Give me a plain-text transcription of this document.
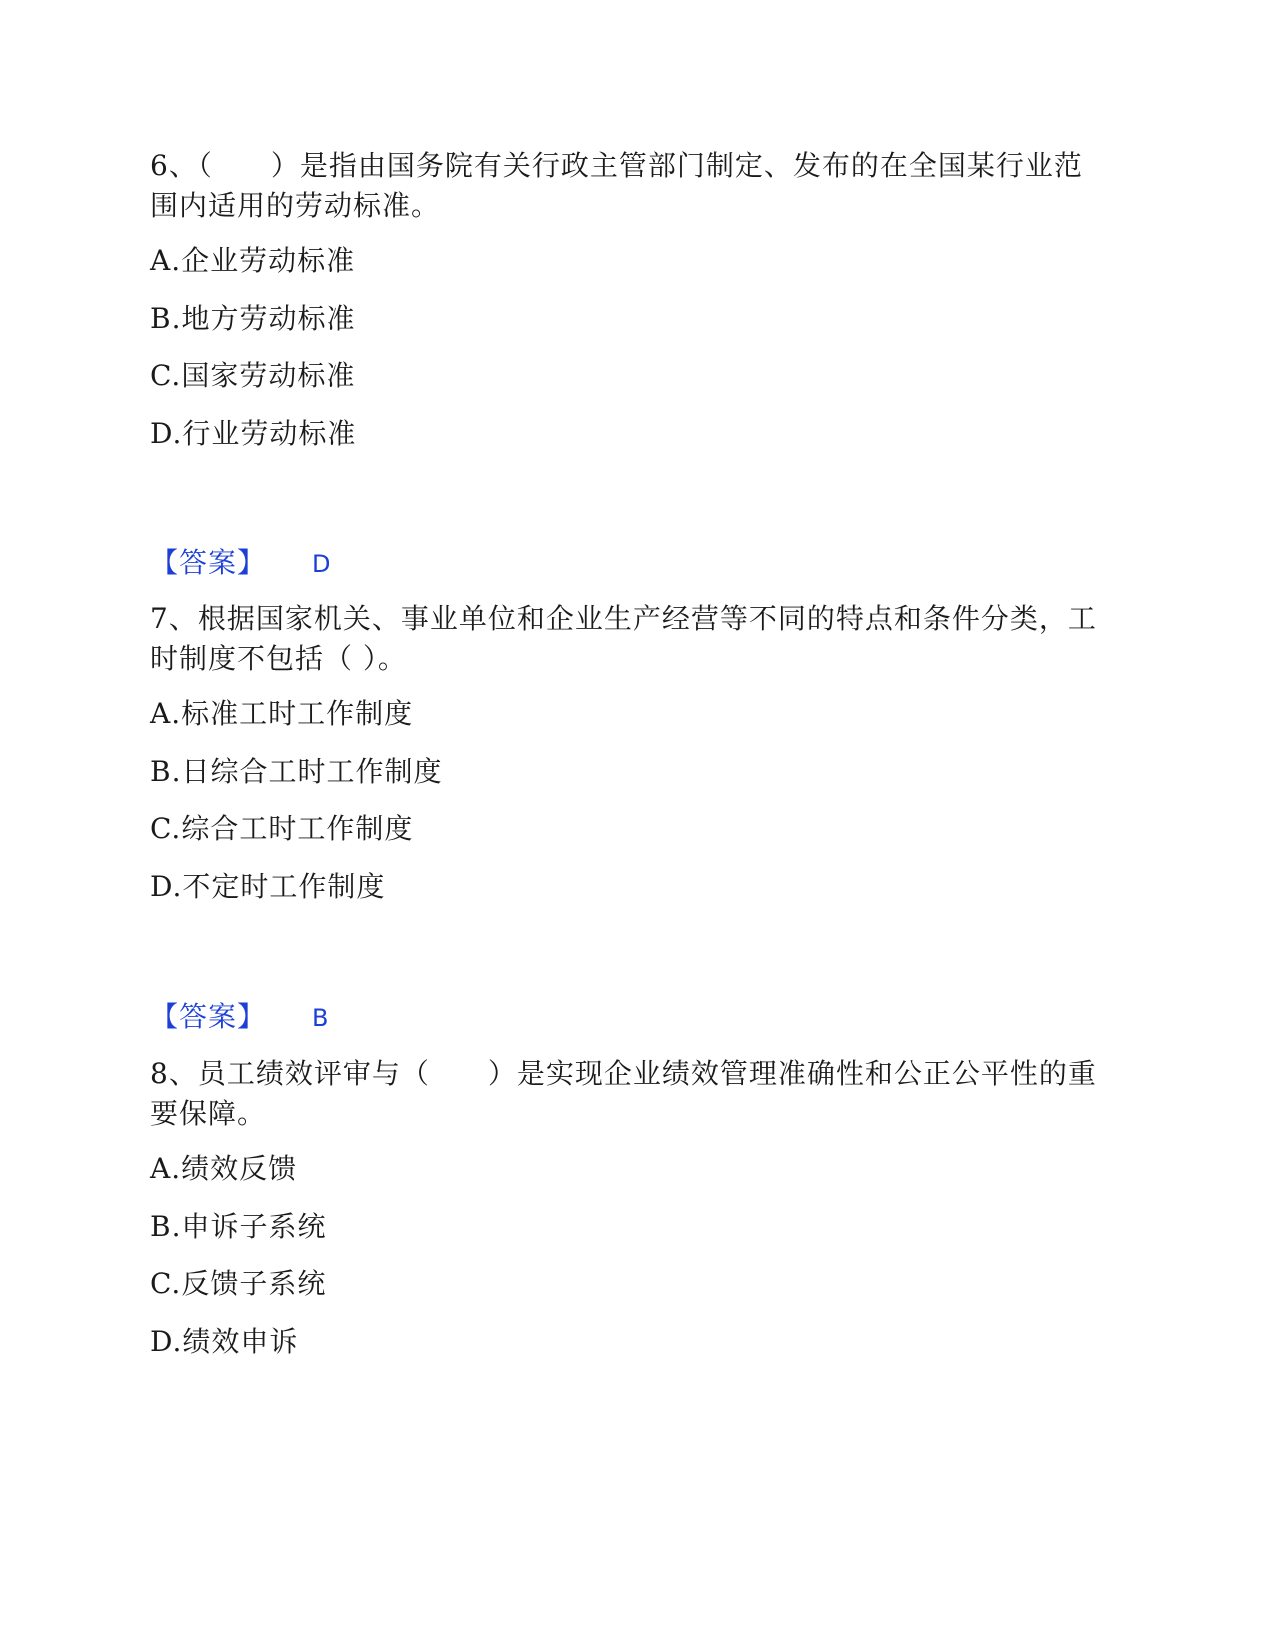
6、（　　）是指由国务院有关行政主管部门制定、发布的在全国某行业范围内适用的劳动标准。

A.企业劳动标准
B.地方劳动标准
C.国家劳动标准
D.行业劳动标准
【答案】 D

7、根据国家机关、事业单位和企业生产经营等不同的特点和条件分类，工时制度不包括（ ）。

A.标准工时工作制度
B.日综合工时工作制度
C.综合工时工作制度
D.不定时工作制度
【答案】 B

8、员工绩效评审与（　　）是实现企业绩效管理准确性和公正公平性的重要保障。

A.绩效反馈
B.申诉子系统
C.反馈子系统
D.绩效申诉
